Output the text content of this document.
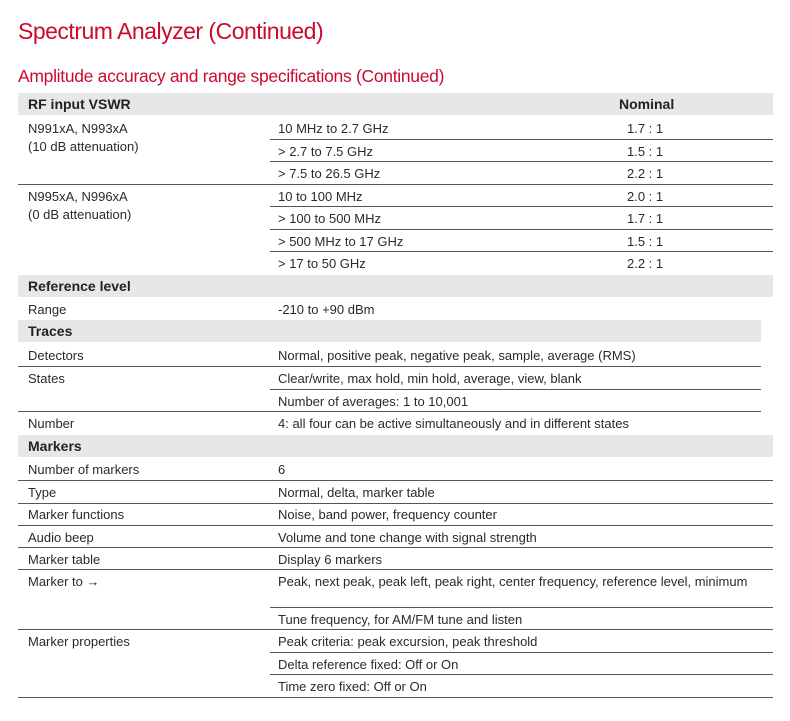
Spectrum Analyzer (Continued)
Amplitude accuracy and range specifications (Continued)
RF input VSWR	Nominal
N991xA, N993xA
(10 dB attenuation)
10 MHz to 2.7 GHz	1.7 : 1
> 2.7 to 7.5 GHz	1.5 : 1
> 7.5 to 26.5 GHz	2.2 : 1
N995xA, N996xA
(0 dB attenuation)
10 to 100 MHz	2.0 : 1
> 100 to 500 MHz	1.7 : 1
> 500 MHz to 17 GHz	1.5 : 1
> 17 to 50 GHz	2.2 : 1
Reference level
Range	-210 to +90 dBm
Traces
Detectors	Normal, positive peak, negative peak, sample, average (RMS)
States	Clear/write, max hold, min hold, average, view, blank
Number of averages: 1 to 10,001
Number	4: all four can be active simultaneously and in different states
Markers
Number of markers	6
Type	Normal, delta, marker table
Marker functions	Noise, band power, frequency counter
Audio beep	Volume and tone change with signal strength
Marker table	Display 6 markers
Marker to →	Peak, next peak, peak left, peak right, center frequency, reference level, minimum
Tune frequency, for AM/FM tune and listen
Marker properties	Peak criteria: peak excursion, peak threshold
Delta reference fixed: Off or On
Time zero fixed: Off or On
